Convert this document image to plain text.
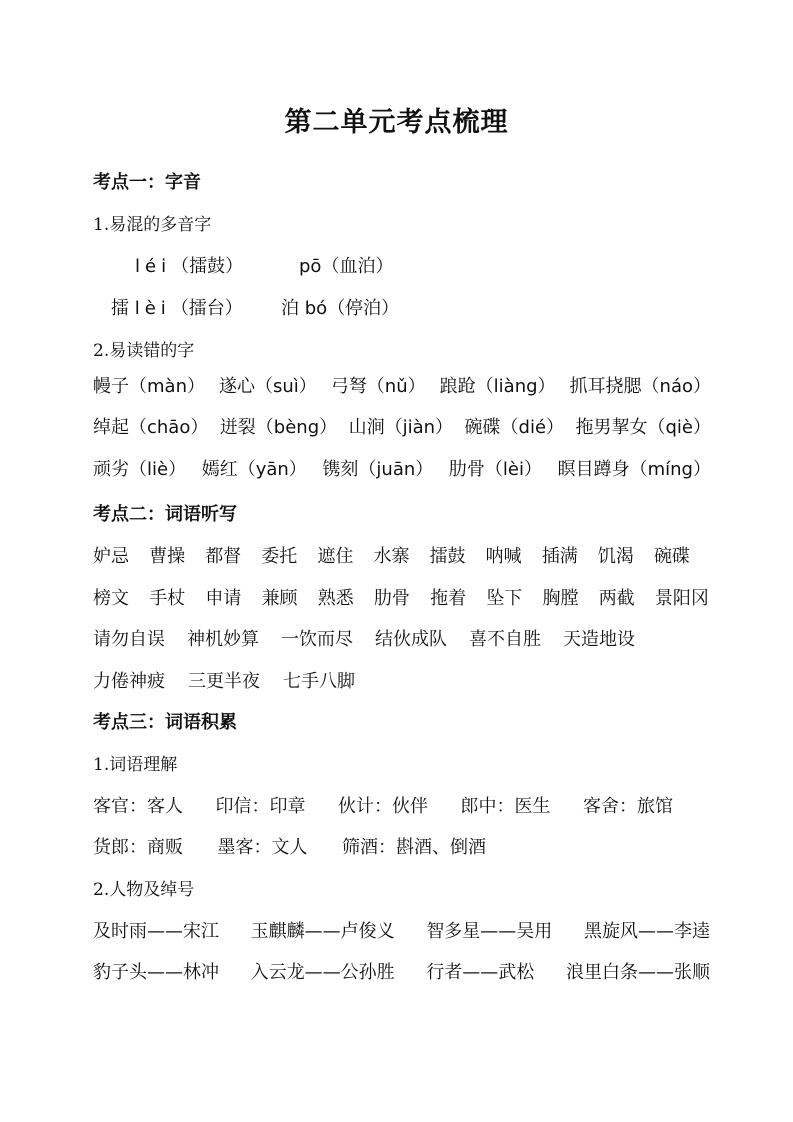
第二单元考点梳理
考点一：字音
1.易混的多音字
léi（擂鼓）	pō（血泊）
擂 lèi（擂台） 泊 bó（停泊）
2.易读错的字
幔子（màn） 遂心（suì） 弓弩（nǔ） 踉跄（liàng） 抓耳挠腮（náo）
绰起（chāo） 迸裂（bèng） 山涧（jiàn） 碗碟（dié） 拖男挈女（qiè）
顽劣（liè） 嫣红（yān） 镌刻（juān） 肋骨（lèi） 瞑目蹲身（míng）
考点二：词语听写
妒忌 曹操 都督 委托 遮住 水寨 擂鼓 呐喊 插满 饥渴 碗碟
榜文 手杖 申请 兼顾 熟悉 肋骨 拖着 坠下 胸膛 两截 景阳冈
请勿自误 神机妙算 一饮而尽 结伙成队 喜不自胜 天造地设
力倦神疲 三更半夜 七手八脚
考点三：词语积累
1.词语理解
客官：客人 印信：印章 伙计：伙伴 郎中：医生 客舍：旅馆
货郎：商贩 墨客：文人 筛酒：斟酒、倒酒
2.人物及绰号
及时雨——宋江 玉麒麟——卢俊义 智多星——吴用 黑旋风——李逵
豹子头——林冲 入云龙——公孙胜 行者——武松 浪里白条——张顺
